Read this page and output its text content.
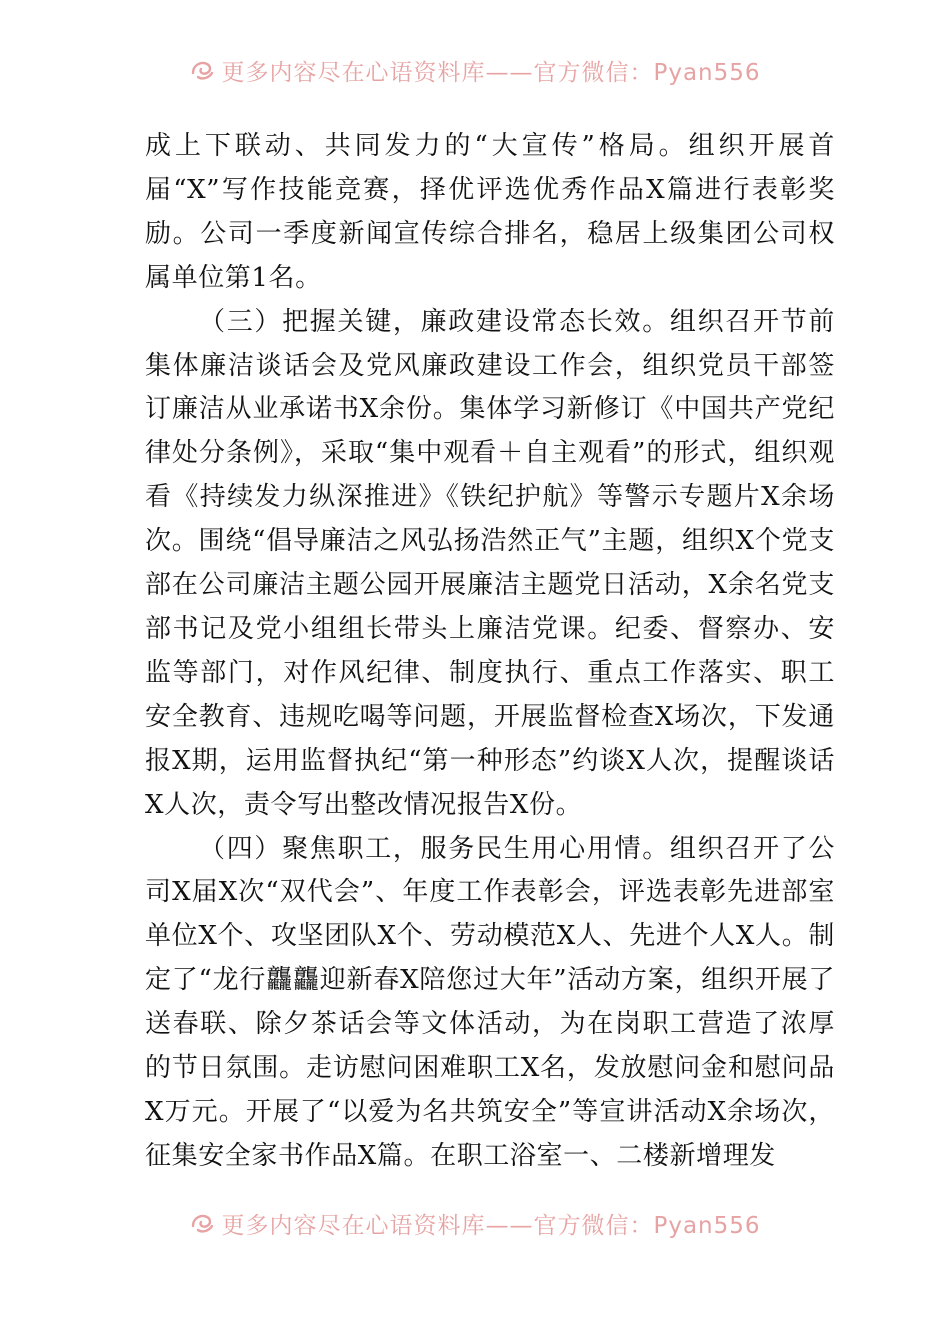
更多内容尽在心语资料库——官方微信：Pyan556

成上下联动、共同发力的“大宣传”格局。组织开展首届“X”写作技能竞赛，择优评选优秀作品X篇进行表彰奖励。公司一季度新闻宣传综合排名，稳居上级集团公司权属单位第1名。

（三）把握关键，廉政建设常态长效。组织召开节前集体廉洁谈话会及党风廉政建设工作会，组织党员干部签订廉洁从业承诺书X余份。集体学习新修订《中国共产党纪律处分条例》，采取“集中观看＋自主观看”的形式，组织观看《持续发力纵深推进》《铁纪护航》等警示专题片X余场次。围绕“倡导廉洁之风弘扬浩然正气”主题，组织X个党支部在公司廉洁主题公园开展廉洁主题党日活动，X余名党支部书记及党小组组长带头上廉洁党课。纪委、督察办、安监等部门，对作风纪律、制度执行、重点工作落实、职工安全教育、违规吃喝等问题，开展监督检查X场次，下发通报X期，运用监督执纪“第一种形态”约谈X人次，提醒谈话X人次，责令写出整改情况报告X份。

（四）聚焦职工，服务民生用心用情。组织召开了公司X届X次“双代会”、年度工作表彰会，评选表彰先进部室单位X个、攻坚团队X个、劳动模范X人、先进个人X人。制定了“龙行龘龘迎新春X陪您过大年”活动方案，组织开展了送春联、除夕茶话会等文体活动，为在岗职工营造了浓厚的节日氛围。走访慰问困难职工X名，发放慰问金和慰问品X万元。开展了“以爱为名共筑安全”等宣讲活动X余场次，征集安全家书作品X篇。在职工浴室一、二楼新增理发

更多内容尽在心语资料库——官方微信：Pyan556
